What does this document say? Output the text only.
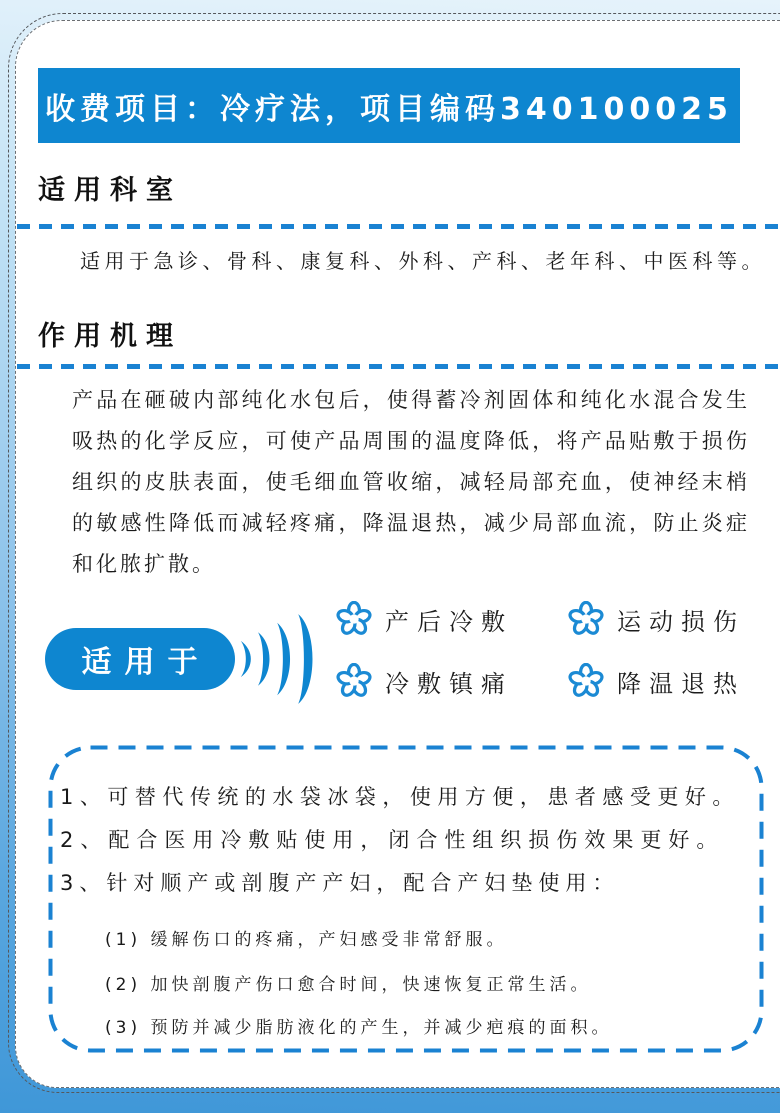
收费项目：冷疗法，项目编码340100025
适用科室
适用于急诊、骨科、康复科、外科、产科、老年科、中医科等。
作用机理
产品在砸破内部纯化水包后，使得蓄冷剂固体和纯化水混合发生吸热的化学反应，可使产品周围的温度降低，将产品贴敷于损伤组织的皮肤表面，使毛细血管收缩，减轻局部充血，使神经末梢的敏感性降低而减轻疼痛，降温退热，减少局部血流，防止炎症和化脓扩散。
适用于
产后冷敷	运动损伤
冷敷镇痛	降温退热
1、可替代传统的水袋冰袋，使用方便，患者感受更好。
2、配合医用冷敷贴使用，闭合性组织损伤效果更好。
3、针对顺产或剖腹产产妇，配合产妇垫使用：
(1) 缓解伤口的疼痛，产妇感受非常舒服。
(2) 加快剖腹产伤口愈合时间，快速恢复正常生活。
(3) 预防并减少脂肪液化的产生，并减少疤痕的面积。
